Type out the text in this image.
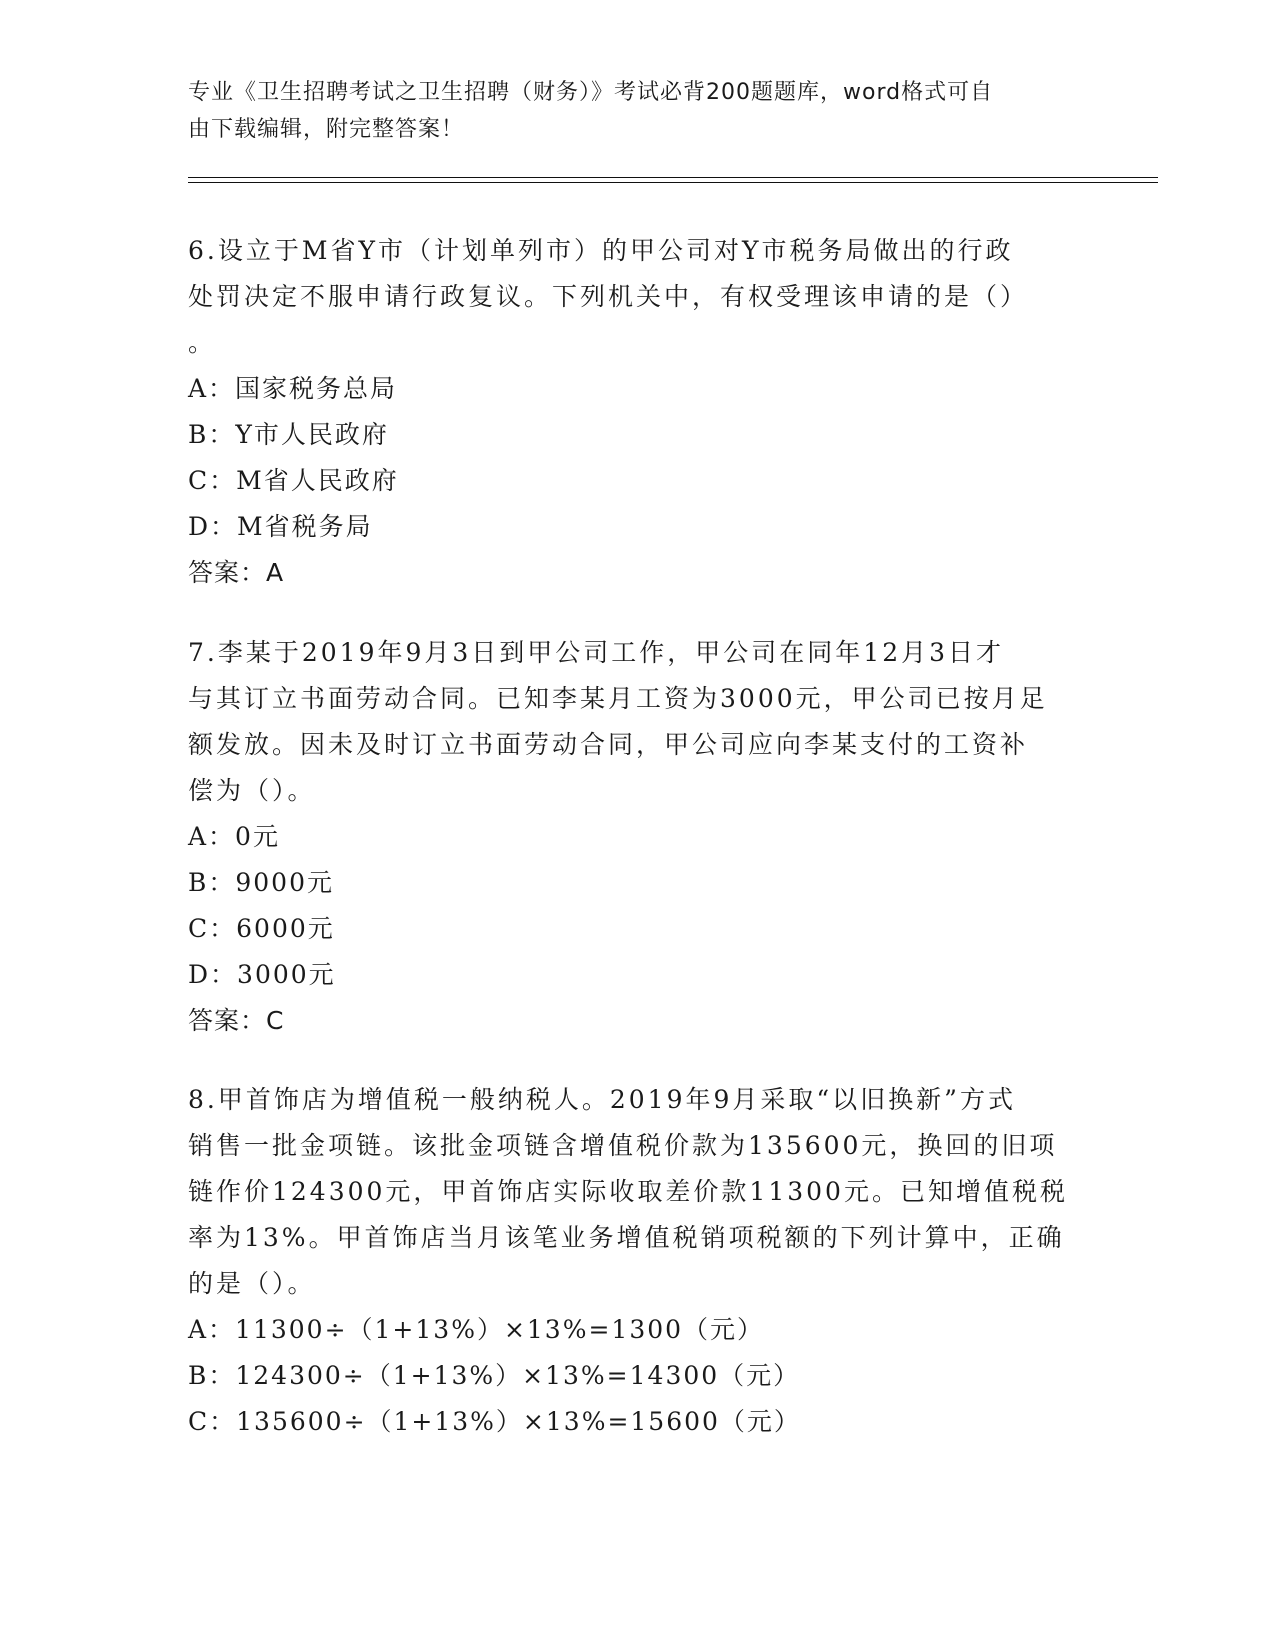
专业《卫生招聘考试之卫生招聘（财务）》考试必背200题题库，word格式可自
由下载编辑，附完整答案！
6.设立于M省Y市（计划单列市）的甲公司对Y市税务局做出的行政
处罚决定不服申请行政复议。下列机关中，有权受理该申请的是（）
。
A：国家税务总局
B：Y市人民政府
C：M省人民政府
D：M省税务局
答案：A
7.李某于2019年9月3日到甲公司工作，甲公司在同年12月3日才
与其订立书面劳动合同。已知李某月工资为3000元，甲公司已按月足
额发放。因未及时订立书面劳动合同，甲公司应向李某支付的工资补
偿为（）。
A：0元
B：9000元
C：6000元
D：3000元
答案：C
8.甲首饰店为增值税一般纳税人。2019年9月采取“以旧换新”方式
销售一批金项链。该批金项链含增值税价款为135600元，换回的旧项
链作价124300元，甲首饰店实际收取差价款11300元。已知增值税税
率为13%。甲首饰店当月该笔业务增值税销项税额的下列计算中，正确
的是（）。
A：11300÷（1+13%）×13%=1300（元）
B：124300÷（1+13%）×13%=14300（元）
C：135600÷（1+13%）×13%=15600（元）
